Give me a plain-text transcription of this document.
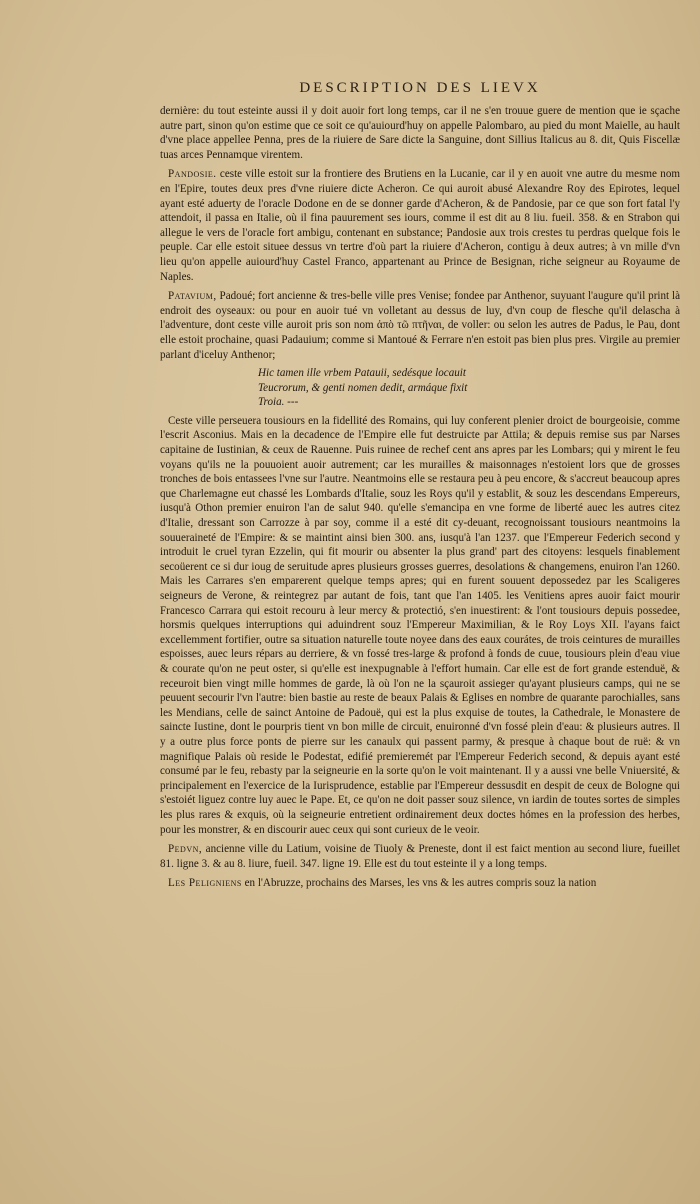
DESCRIPTION DES LIEVX

dernière: du tout esteinte aussi il y doit auoir fort long temps, car il ne s'en trouue guere de mention que ie sçache autre part, sinon qu'on estime que ce soit ce qu'auiourd'huy on appelle Palombaro, au pied du mont Maielle, au hault d'vne place appellee Penna, pres de la riuiere de Sare dicte la Sanguine, dont Sillius Italicus au 8. dit, Quis Fiscellæ tuas arces Pennamque virentem.

Pandosie. ceste ville estoit sur la frontiere des Brutiens en la Lucanie, car il y en auoit vne autre du mesme nom en l'Epire, toutes deux pres d'vne riuiere dicte Acheron. Ce qui auroit abusé Alexandre Roy des Epirotes, lequel ayant esté aduerty de l'oracle Dodone en de se donner garde d'Acheron, & de Pandosie, par ce que son fort fatal l'y attendoit, il passa en Italie, où il fina pauurement ses iours, comme il est dit au 8 liu. fueil. 358. & en Strabon qui allegue le vers de l'oracle fort ambigu, contenant en substance; Pandosie aux trois crestes tu perdras quelque fois le peuple. Car elle estoit situee dessus vn tertre d'où part la riuiere d'Acheron, contigu à deux autres; à vn mille d'vn lieu qu'on appelle auiourd'huy Castel Franco, appartenant au Prince de Besignan, riche seigneur au Royaume de Naples.

Patavium, Padoué; fort ancienne & tres-belle ville pres Venise; fondee par Anthenor, suyuant l'augure qu'il print là endroit des oyseaux: ou pour en auoir tué vn volletant au dessus de luy, d'vn coup de flesche qu'il delascha à l'adventure, dont ceste ville auroit pris son nom ἀπὸ τῶ πτῆναι, de voller: ou selon les autres de Padus, le Pau, dont elle estoit prochaine, quasi Padauium; comme si Mantoué & Ferrare n'en estoit pas bien plus pres. Virgile au premier parlant d'iceluy Anthenor;

Hic tamen ille vrbem Patauii, sedésque locauit
Teucrorum, & genti nomen dedit, armáque fixit
Troia. ---

Ceste ville perseuera tousiours en la fidellité des Romains, qui luy conferent plenier droict de bourgeoisie, comme l'escrit Asconius. Mais en la decadence de l'Empire elle fut destruicte par Attila; & depuis remise sus par Narses capitaine de Iustinian, & ceux de Rauenne. Puis ruinee de rechef cent ans apres par les Lombars; qui y mirent le feu voyans qu'ils ne la pouuoient auoir autrement; car les murailles & maisonnages n'estoient lors que de grosses tronches de bois entassees l'vne sur l'autre. Neantmoins elle se restaura peu à peu encore, & s'accreut beaucoup apres que Charlemagne eut chassé les Lombards d'Italie, souz les Roys qu'il y establit, & souz les descendans Empereurs, iusqu'à Othon premier enuiron l'an de salut 940. qu'elle s'emancipa en vne forme de liberté auec les autres citez d'Italie, dressant son Carrozze à par soy, comme il a esté dit cy-deuant, recognoissant tousiours neantmoins la souueraineté de l'Empire: & se maintint ainsi bien 300. ans, iusqu'à l'an 1237. que l'Empereur Federich second y introduit le cruel tyran Ezzelin, qui fit mourir ou absenter la plus grand' part des citoyens: lesquels finablement secoüerent ce si dur ioug de seruitude apres plusieurs grosses guerres, desolations & changemens, enuiron l'an 1260. Mais les Carrares s'en emparerent quelque temps apres; qui en furent souuent depossedez par les Scaligeres seigneurs de Verone, & reintegrez par autant de fois, tant que l'an 1405. les Venitiens apres auoir faict mourir Francesco Carrara qui estoit recouru à leur mercy & protectió, s'en inuestirent: & l'ont tousiours depuis possedee, horsmis quelques interruptions qui aduindrent souz l'Empereur Maximilian, & le Roy Loys XII. l'ayans faict excellemment fortifier, outre sa situation naturelle toute noyee dans des eaux courátes, de trois ceintures de murailles espoisses, auec leurs répars au derriere, & vn fossé tres-large & profond à fonds de cuue, tousiours plein d'eau viue & courate qu'on ne peut oster, si qu'elle est inexpugnable à l'effort humain. Car elle est de fort grande estenduë, & receuroit bien vingt mille hommes de garde, là où l'on ne la sçauroit assieger qu'ayant plusieurs camps, qui ne se peuuent secourir l'vn l'autre: bien bastie au reste de beaux Palais & Eglises en nombre de quarante parochialles, sans les Mendians, celle de sainct Antoine de Padouë, qui est la plus exquise de toutes, la Cathedrale, le Monastere de saincte Iustine, dont le pourpris tient vn bon mille de circuit, enuironné d'vn fossé plein d'eau: & plusieurs autres. Il y a outre plus force ponts de pierre sur les canaulx qui passent parmy, & presque à chaque bout de ruë: & vn magnifique Palais où reside le Podestat, edifié premieremét par l'Empereur Federich second, & depuis ayant esté consumé par le feu, rebasty par la seigneurie en la sorte qu'on le voit maintenant. Il y a aussi vne belle Vniuersité, & principalement en l'exercice de la Iurisprudence, establie par l'Empereur dessusdit en despit de ceux de Bologne qui s'estoiét liguez contre luy auec le Pape. Et, ce qu'on ne doit passer souz silence, vn iardin de toutes sortes de simples les plus rares & exquis, où la seigneurie entretient ordinairement deux doctes hómes en la profession des herbes, pour les monstrer, & en discourir auec ceux qui sont curieux de le veoir.

Pedvn, ancienne ville du Latium, voisine de Tiuoly & Preneste, dont il est faict mention au second liure, fueillet 81. ligne 3. & au 8. liure, fueil. 347. ligne 19. Elle est du tout esteinte il y a long temps.

Les Peligniens en l'Abruzze, prochains des Marses, les vns & les autres compris souz la nation
